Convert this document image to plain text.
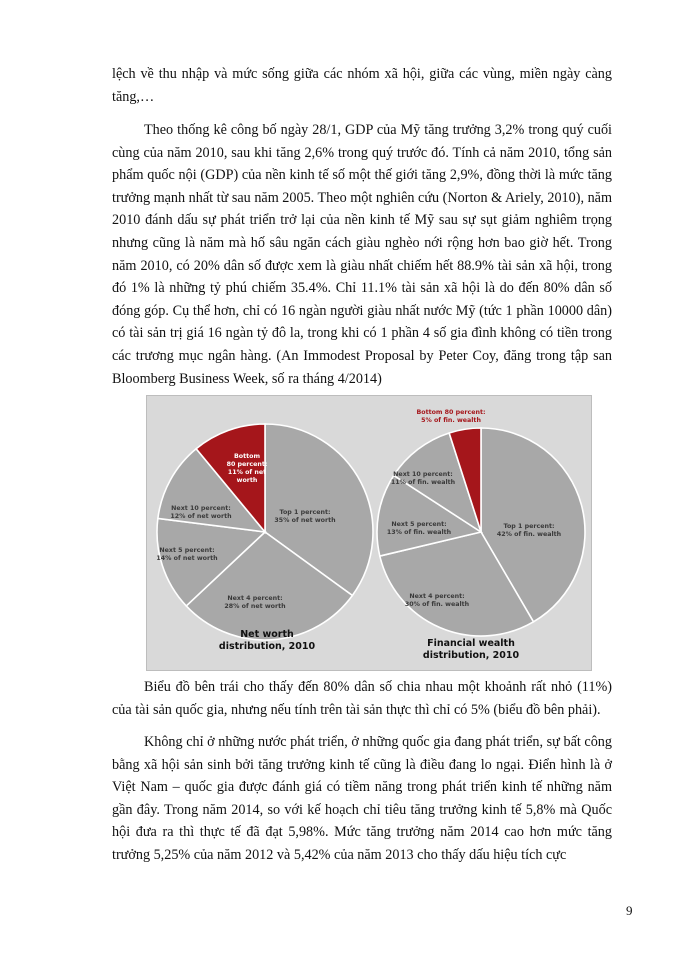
lệch về thu nhập và mức sống giữa các nhóm xã hội, giữa các vùng, miền ngày càng tăng,…

Theo thống kê công bố ngày 28/1, GDP của Mỹ tăng trưởng 3,2% trong quý cuối cùng của năm 2010, sau khi tăng 2,6% trong quý trước đó. Tính cả năm 2010, tổng sản phẩm quốc nội (GDP) của nền kinh tế số một thế giới tăng 2,9%, đồng thời là mức tăng trưởng mạnh nhất từ sau năm 2005. Theo một nghiên cứu (Norton & Ariely, 2010), năm 2010 đánh dấu sự phát triển trở lại của nền kinh tế Mỹ sau sự sụt giảm nghiêm trọng nhưng cũng là năm mà hố sâu ngăn cách giàu nghèo nới rộng hơn bao giờ hết. Trong năm 2010, có 20% dân số được xem là giàu nhất chiếm hết 88.9% tài sản xã hội, trong đó 1% là những tỷ phú chiếm 35.4%. Chỉ 11.1% tài sản xã hội là do đến 80% dân số đóng góp. Cụ thể hơn, chỉ có 16 ngàn người giàu nhất nước Mỹ (tức 1 phần 10000 dân) có tài sản trị giá 16 ngàn tỷ đô la, trong khi có 1 phần 4 số gia đình không có tiền trong các trương mục ngân hàng. (An Immodest Proposal by Peter Coy, đăng trong tập san Bloomberg Business Week, số ra tháng 4/2014)

Top 1 percent: 35% of net worth
Next 4 percent: 28% of net worth
Next 5 percent: 14% of net worth
Next 10 percent: 12% of net worth
Bottom 80 percent: 11% of net worth
Net worth distribution, 2010
Top 1 percent: 42% of fin. wealth
Next 4 percent: 30% of fin. wealth
Next 5 percent: 13% of fin. wealth
Next 10 percent: 11% of fin. wealth
Bottom 80 percent: 5% of fin. wealth
Financial wealth distribution, 2010

Biểu đồ bên trái cho thấy đến 80% dân số chia nhau một khoảnh rất nhỏ (11%) của tài sản quốc gia, nhưng nếu tính trên tài sản thực thì chỉ có 5% (biểu đồ bên phải).

Không chỉ ở những nước phát triển, ở những quốc gia đang phát triển, sự bất công bằng xã hội sản sinh bởi tăng trưởng kinh tế cũng là điều đang lo ngại. Điển hình là ở Việt Nam – quốc gia được đánh giá có tiềm năng trong phát triển kinh tế những năm gần đây. Trong năm 2014, so với kế hoạch chỉ tiêu tăng trưởng kinh tế 5,8% mà Quốc hội đưa ra thì thực tế đã đạt 5,98%. Mức tăng trưởng năm 2014 cao hơn mức tăng trưởng 5,25% của năm 2012 và 5,42% của năm 2013 cho thấy dấu hiệu tích cực

9
